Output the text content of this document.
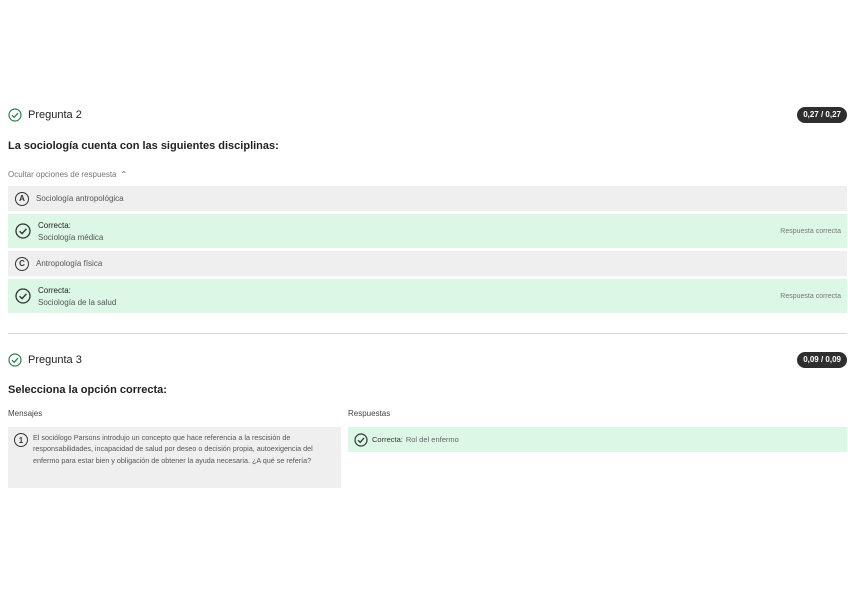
Pregunta 2	0,27 / 0,27
La sociología cuenta con las siguientes disciplinas:
Ocultar opciones de respuesta ⌃
A	Sociología antropológica
Correcta:
Sociología médica
Respuesta correcta
C	Antropología física
Correcta:
Sociología de la salud
Respuesta correcta
Pregunta 3	0,09 / 0,09
Selecciona la opción correcta:
Mensajes	Respuestas
1	El sociólogo Parsons introdujo un concepto que hace referencia a la rescisión de responsabilidades, incapacidad de salud por deseo o decisión propia, autoexigencia del enfermo para estar bien y obligación de obtener la ayuda necesaria. ¿A qué se refería?

Correcta: Rol del enfermo
